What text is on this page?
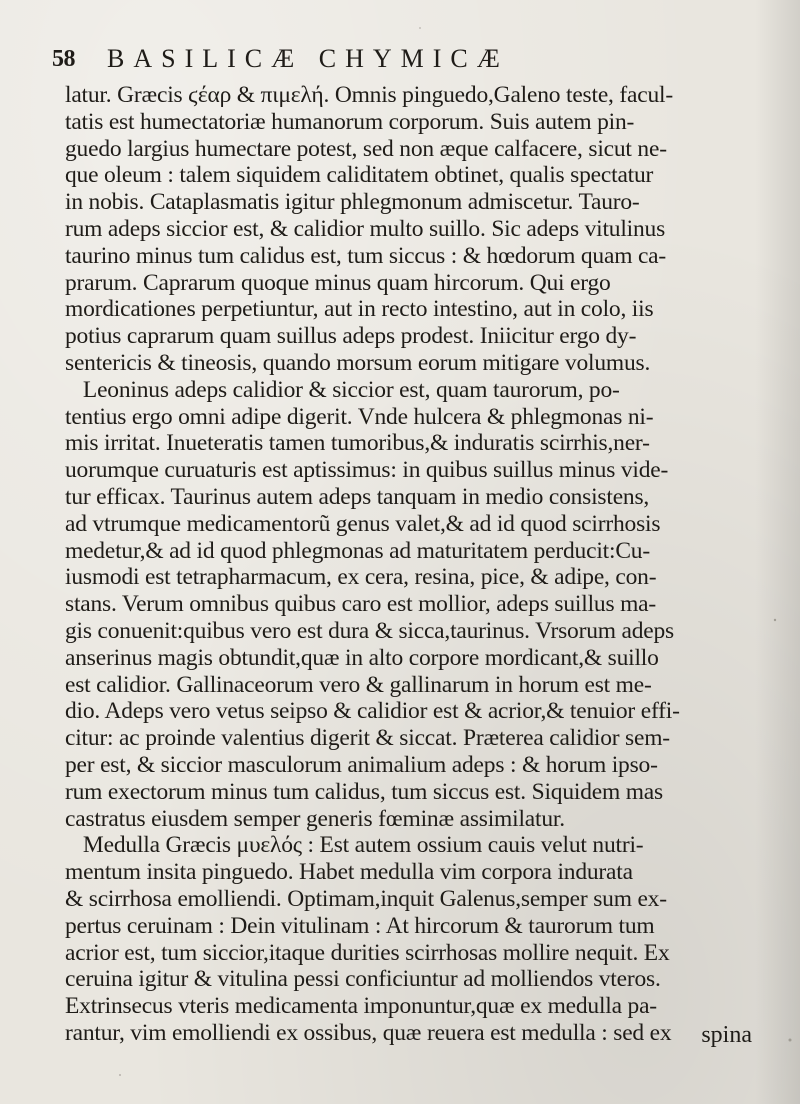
58 BASILICÆ CHYMICÆ
latur. Græcis ϛέαρ & πιμελή. Omnis pinguedo,Galeno teste, facul-
tatis est humectatoriæ humanorum corporum. Suis autem pin-
guedo largius humectare potest, sed non æque calfacere, sicut ne-
que oleum : talem siquidem caliditatem obtinet, qualis spectatur
in nobis. Cataplasmatis igitur phlegmonum admiscetur. Tauro-
rum adeps siccior est, & calidior multo suillo. Sic adeps vitulinus
taurino minus tum calidus est, tum siccus : & hœdorum quam ca-
prarum. Caprarum quoque minus quam hircorum. Qui ergo
mordicationes perpetiuntur, aut in recto intestino, aut in colo, iis
potius caprarum quam suillus adeps prodest. Iniicitur ergo dy-
sentericis & tineosis, quando morsum eorum mitigare volumus.
Leoninus adeps calidior & siccior est, quam taurorum, po-
tentius ergo omni adipe digerit. Vnde hulcera & phlegmonas ni-
mis irritat. Inueteratis tamen tumoribus,& induratis scirrhis,ner-
uorumque curuaturis est aptissimus: in quibus suillus minus vide-
tur efficax. Taurinus autem adeps tanquam in medio consistens,
ad vtrumque medicamentorũ genus valet,& ad id quod scirrhosis
medetur,& ad id quod phlegmonas ad maturitatem perducit:Cu-
iusmodi est tetrapharmacum, ex cera, resina, pice, & adipe, con-
stans. Verum omnibus quibus caro est mollior, adeps suillus ma-
gis conuenit:quibus vero est dura & sicca,taurinus. Vrsorum adeps
anserinus magis obtundit,quæ in alto corpore mordicant,& suillo
est calidior. Gallinaceorum vero & gallinarum in horum est me-
dio. Adeps vero vetus seipso & calidior est & acrior,& tenuior effi-
citur: ac proinde valentius digerit & siccat. Præterea calidior sem-
per est, & siccior masculorum animalium adeps : & horum ipso-
rum exectorum minus tum calidus, tum siccus est. Siquidem mas
castratus eiusdem semper generis fœminæ assimilatur.
Medulla Græcis μυελός : Est autem ossium cauis velut nutri-
mentum insita pinguedo. Habet medulla vim corpora indurata
& scirrhosa emolliendi. Optimam,inquit Galenus,semper sum ex-
pertus ceruinam : Dein vitulinam : At hircorum & taurorum tum
acrior est, tum siccior,itaque durities scirrhosas mollire nequit. Ex
ceruina igitur & vitulina pessi conficiuntur ad molliendos vteros.
Extrinsecus vteris medicamenta imponuntur,quæ ex medulla pa-
rantur, vim emolliendi ex ossibus, quæ reuera est medulla : sed ex	spina
